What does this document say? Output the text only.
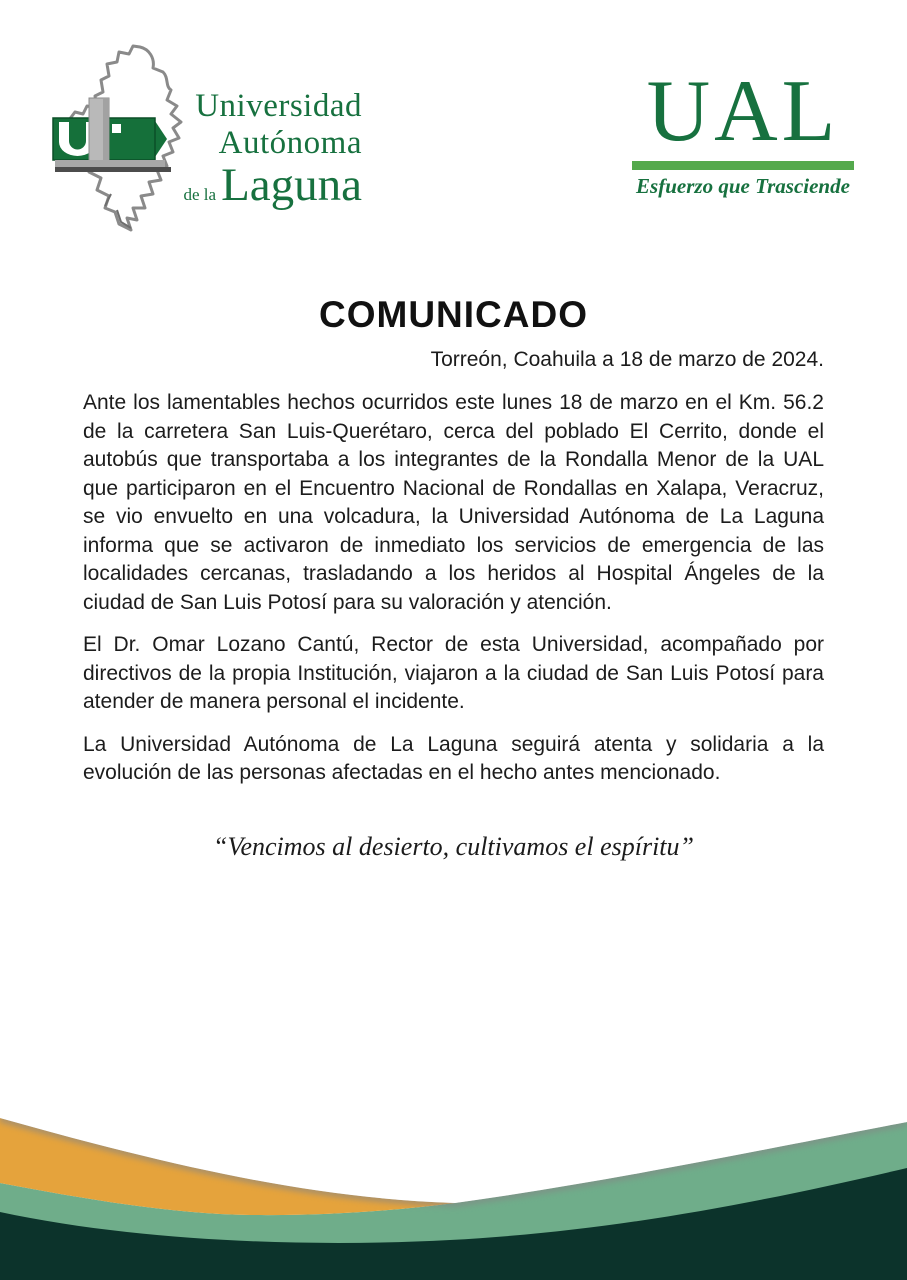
Universidad
Autónoma
de la Laguna
UAL
Esfuerzo que Trasciende
COMUNICADO
Torreón, Coahuila a 18 de marzo de 2024.

Ante los lamentables hechos ocurridos este lunes 18 de marzo en el Km. 56.2 de la carretera San Luis-Querétaro, cerca del poblado El Cerrito, donde el autobús que transportaba a los integrantes de la Rondalla Menor de la UAL que participaron en el Encuentro Nacional de Rondallas en Xalapa, Veracruz, se vio envuelto en una volcadura, la Universidad Autónoma de La Laguna informa que se activaron de inmediato los servicios de emergencia de las localidades cercanas, trasladando a los heridos al Hospital Ángeles de la ciudad de San Luis Potosí para su valoración y atención.

El Dr. Omar Lozano Cantú, Rector de esta Universidad, acompañado por directivos de la propia Institución, viajaron a la ciudad de San Luis Potosí para atender de manera personal el incidente.

La Universidad Autónoma de La Laguna seguirá atenta y solidaria a la evolución de las personas afectadas en el hecho antes mencionado.

“Vencimos al desierto, cultivamos el espíritu”
